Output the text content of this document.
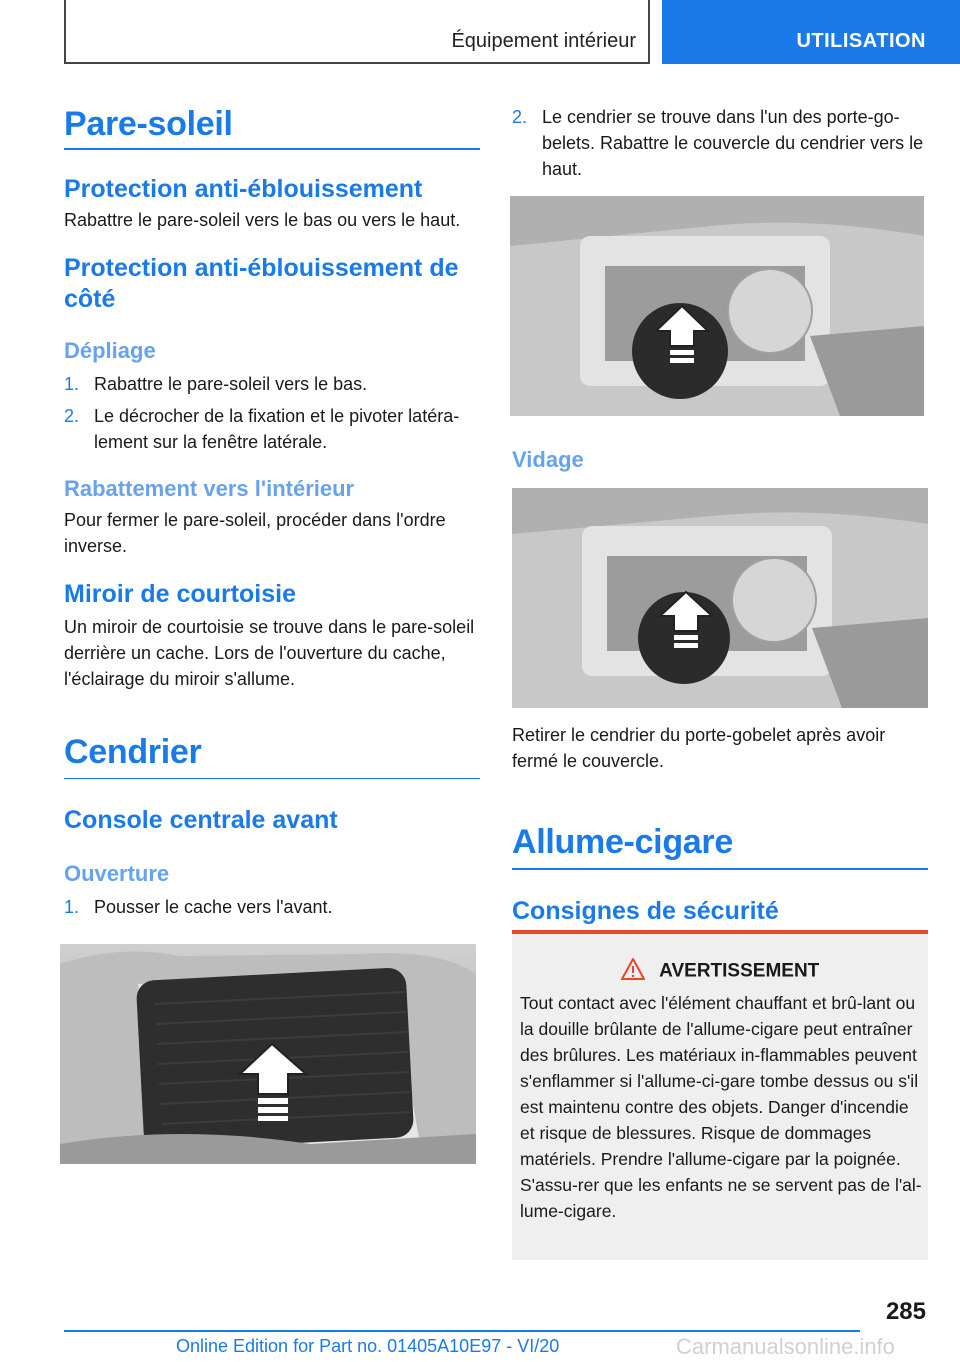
Équipement intérieur	UTILISATION
Pare-soleil
Protection anti-éblouissement

Rabattre le pare-soleil vers le bas ou vers le haut.

Protection anti-éblouissement de côté
Dépliage
1. Rabattre le pare-soleil vers le bas.
2. Le décrocher de la fixation et le pivoter latéra-lement sur la fenêtre latérale.
Rabattement vers l'intérieur

Pour fermer le pare-soleil, procéder dans l'ordre inverse.

Miroir de courtoisie

Un miroir de courtoisie se trouve dans le pare-soleil derrière un cache. Lors de l'ouverture du cache, l'éclairage du miroir s'allume.

Cendrier
Console centrale avant
Ouverture
1. Pousser le cache vers l'avant.
2. Le cendrier se trouve dans l'un des porte-go-belets. Rabattre le couvercle du cendrier vers le haut.
Vidage

Retirer le cendrier du porte-gobelet après avoir fermé le couvercle.

Allume-cigare
Consignes de sécurité
AVERTISSEMENT

Tout contact avec l'élément chauffant et brû-lant ou la douille brûlante de l'allume-cigare peut entraîner des brûlures. Les matériaux in-flammables peuvent s'enflammer si l'allume-ci-gare tombe dessus ou s'il est maintenu contre des objets. Danger d'incendie et risque de blessures. Risque de dommages matériels. Prendre l'allume-cigare par la poignée. S'assu-rer que les enfants ne se servent pas de l'al-lume-cigare.

285
Online Edition for Part no. 01405A10E97 - VI/20	Carmanualsonline.info
